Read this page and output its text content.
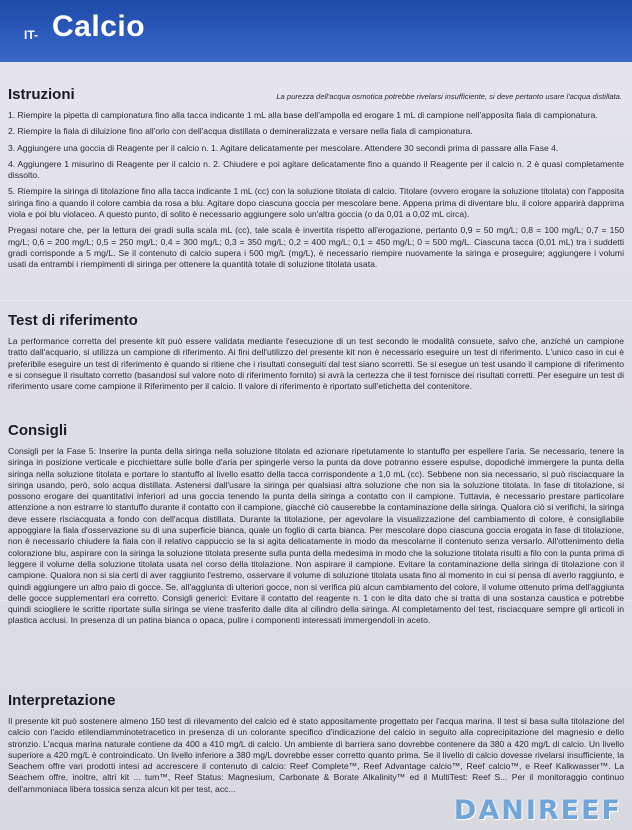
IT- Calcio
Istruzioni	La purezza dell'acqua osmotica potrebbe rivelarsi insufficiente, si deve pertanto usare l'acqua distillata.

1. Riempire la pipetta di campionatura fino alla tacca indicante 1 mL alla base dell'ampolla ed erogare 1 mL di campione nell'apposita fiala di campionatura.

2. Riempire la fiala di diluizione fino all'orlo con dell'acqua distillata o demineralizzata e versare nella fiala di campionatura.

3. Aggiungere una goccia di Reagente per il calcio n. 1. Agitare delicatamente per mescolare. Attendere 30 secondi prima di passare alla Fase 4.

4. Aggiungere 1 misurino di Reagente per il calcio n. 2. Chiudere e poi agitare delicatamente fino a quando il Reagente per il calcio n. 2 è quasi completamente dissolto.

5. Riempire la siringa di titolazione fino alla tacca indicante 1 mL (cc) con la soluzione titolata di calcio. Titolare (ovvero erogare la soluzione titolata) con l'apposita siringa fino a quando il colore cambia da rosa a blu. Agitare dopo ciascuna goccia per mescolare bene. Appena prima di diventare blu, il colore apparirà dapprima viola e poi blu violaceo. A questo punto, di solito è necessario aggiungere solo un'altra goccia (o da 0,01 a 0,02 mL circa).

Pregasi notare che, per la lettura dei gradi sulla scala mL (cc), tale scala è invertita rispetto all'erogazione, pertanto 0,9 = 50 mg/L; 0,8 = 100 mg/L; 0,7 = 150 mg/L; 0,6 = 200 mg/L; 0,5 = 250 mg/L; 0,4 = 300 mg/L; 0,3 = 350 mg/L; 0,2 = 400 mg/L; 0,1 = 450 mg/L; 0 = 500 mg/L. Ciascuna tacca (0,01 mL) tra i suddetti gradi corrisponde a 5 mg/L. Se il contenuto di calcio supera i 500 mg/L (mg/L), è necessario riempire nuovamente la siringa e proseguire; aggiungere i volumi usati da entrambi i riempimenti di siringa per ottenere la quantità totale di soluzione titolata usata.

Test di riferimento

La performance corretta del presente kit può essere validata mediante l'esecuzione di un test secondo le modalità consuete, salvo che, anziché un campione tratto dall'acquario, si utilizza un campione di riferimento. Ai fini dell'utilizzo del presente kit non è necessario eseguire un test di riferimento. L'unico caso in cui è preferibile eseguire un test di riferimento è quando si ritiene che i risultati conseguiti dal test siano scorretti. Se si esegue un test usando il campione di riferimento e si consegue il risultato corretto (basandosi sul valore noto di riferimento fornito) si avrà la certezza che il test fornisce dei risultati corretti. Per eseguire un test di riferimento usare come campione il Riferimento per il calcio. Il valore di riferimento è riportato sull'etichetta del contenitore.

Consigli

Consigli per la Fase 5: Inserire la punta della siringa nella soluzione titolata ed azionare ripetutamente lo stantuffo per espellere l'aria. Se necessario, tenere la siringa in posizione verticale e picchiettare sulle bolle d'aria per spingerle verso la punta da dove potranno essere espulse, dopodiché immergere la punta della siringa nella soluzione titolata e portare lo stantuffo al livello esatto della tacca corrispondente a 1,0 mL (cc). Sebbene non sia necessario, si può risciacquare la siringa usando, però, solo acqua distillata. Astenersi dall'usare la siringa per qualsiasi altra soluzione che non sia la soluzione titolata. In fase di titolazione, si possono erogare dei quantitativi inferiori ad una goccia tenendo la punta della siringa a contatto con il campione. Tuttavia, è necessario prestare particolare attenzione a non estrarre lo stantuffo durante il contatto con il campione, giacché ciò causerebbe la contaminazione della siringa. Qualora ciò si verifichi, la siringa deve essere risciacquata a fondo con dell'acqua distillata. Durante la titolazione, per agevolare la visualizzazione del cambiamento di colore, è consigliabile appoggiare la fiala d'osservazione su di una superficie bianca, quale un foglio di carta bianca. Per mescolare dopo ciascuna goccia erogata in fase di titolazione, non è necessario chiudere la fiala con il relativo cappuccio se la si agita delicatamente in modo da mescolarne il contenuto senza versarlo. All'ottenimento della colorazione blu, aspirare con la siringa la soluzione titolata presente sulla punta della medesima in modo che la soluzione titolata risulti a filo con la punta prima di leggere il volume della soluzione titolata usata nel corso della titolazione. Non aspirare il campione. Evitare la contaminazione della siringa di titolazione con il campione. Qualora non si sia certi di aver raggiunto l'estremo, osservare il volume di soluzione titolata usata fino al momento in cui si pensa di averlo raggiunto, e quindi aggiungere un altro paio di gocce. Se, all'aggiunta di ulteriori gocce, non si verifica più alcun cambiamento del colore, il volume ottenuto prima dell'aggiunta delle gocce supplementari era corretto. Consigli generici: Evitare il contatto del reagente n. 1 con le dita dato che si tratta di una sostanza caustica e potrebbe quindi sciogliere le scritte riportate sulla siringa se viene trasferito dalle dita al cilindro della siringa. Al completamento del test, risciacquare sempre gli articoli in plastica acclusi. In presenza di un patina bianca o opaca, pulire i componenti interessati immergendoli in aceto.

Interpretazione

Il presente kit può sostenere almeno 150 test di rilevamento del calcio ed è stato appositamente progettato per l'acqua marina. Il test si basa sulla titolazione del calcio con l'acido etilendiamminotetracetico in presenza di un colorante specifico d'indicazione del calcio in seguito alla coprecipitazione del magnesio e dello stronzio. L'acqua marina naturale contiene da 400 a 410 mg/L di calcio. Un ambiente di barriera sano dovrebbe contenere da 380 a 420 mg/L di calcio. Un livello superiore a 420 mg/L è controindicato. Un livello inferiore a 380 mg/L dovrebbe esser corretto quanto prima. Se il livello di calcio dovesse rivelarsi insufficiente, la Seachem offre vari prodotti intesi ad accrescere il contenuto di calcio: Reef Complete™, Reef Advantage calcio™, Reef calcio™, e Reef Kalkwasser™. La Seachem offre, inoltre, altri kit ... tum™, Reef Status: Magnesium, Carbonate & Borate Alkalinity™ ed il MultiTest: Reef S... Per il monitoraggio continuo dell'ammoniaca libera tossica senza alcun kit per test, acc...

DANIREEF
